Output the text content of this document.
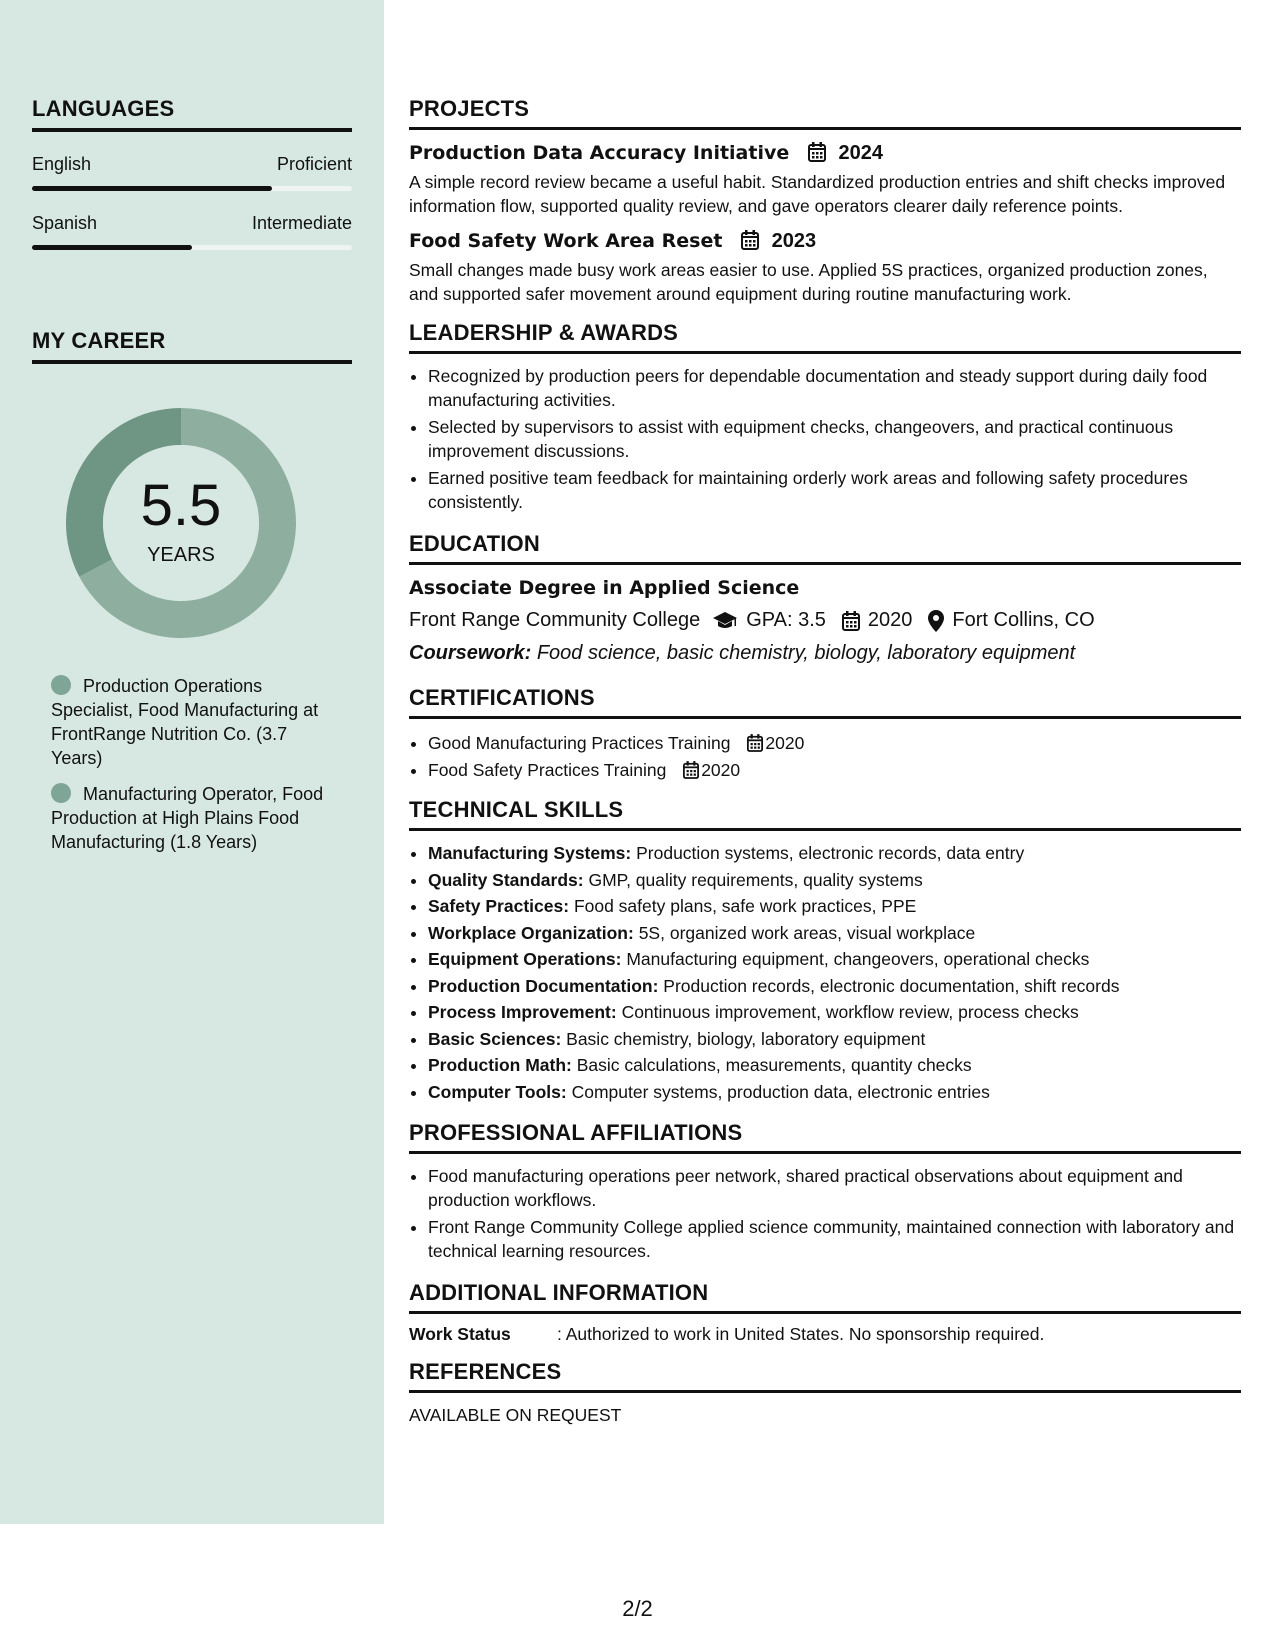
LANGUAGES
English	Proficient
Spanish	Intermediate
MY CAREER
5.5
YEARS
Production Operations Specialist, Food Manufacturing at FrontRange Nutrition Co. (3.7 Years)
Manufacturing Operator, Food Production at High Plains Food Manufacturing (1.8 Years)
PROJECTS
Production Data Accuracy Initiative 2024

A simple record review became a useful habit. Standardized production entries and shift checks improved information flow, supported quality review, and gave operators clearer daily reference points.

Food Safety Work Area Reset 2023

Small changes made busy work areas easier to use. Applied 5S practices, organized production zones, and supported safer movement around equipment during routine manufacturing work.

LEADERSHIP & AWARDS
• Recognized by production peers for dependable documentation and steady support during daily food manufacturing activities.
• Selected by supervisors to assist with equipment checks, changeovers, and practical continuous improvement discussions.
• Earned positive team feedback for maintaining orderly work areas and following safety procedures consistently.
EDUCATION
Associate Degree in Applied Science
Front Range Community College GPA: 3.5 2020 Fort Collins, CO
Coursework: Food science, basic chemistry, biology, laboratory equipment
CERTIFICATIONS
• Good Manufacturing Practices Training 2020
• Food Safety Practices Training 2020
TECHNICAL SKILLS
• Manufacturing Systems: Production systems, electronic records, data entry
• Quality Standards: GMP, quality requirements, quality systems
• Safety Practices: Food safety plans, safe work practices, PPE
• Workplace Organization: 5S, organized work areas, visual workplace
• Equipment Operations: Manufacturing equipment, changeovers, operational checks
• Production Documentation: Production records, electronic documentation, shift records
• Process Improvement: Continuous improvement, workflow review, process checks
• Basic Sciences: Basic chemistry, biology, laboratory equipment
• Production Math: Basic calculations, measurements, quantity checks
• Computer Tools: Computer systems, production data, electronic entries
PROFESSIONAL AFFILIATIONS
• Food manufacturing operations peer network, shared practical observations about equipment and production workflows.
• Front Range Community College applied science community, maintained connection with laboratory and technical learning resources.
ADDITIONAL INFORMATION
Work Status	: Authorized to work in United States. No sponsorship required.
REFERENCES
AVAILABLE ON REQUEST
2/2
